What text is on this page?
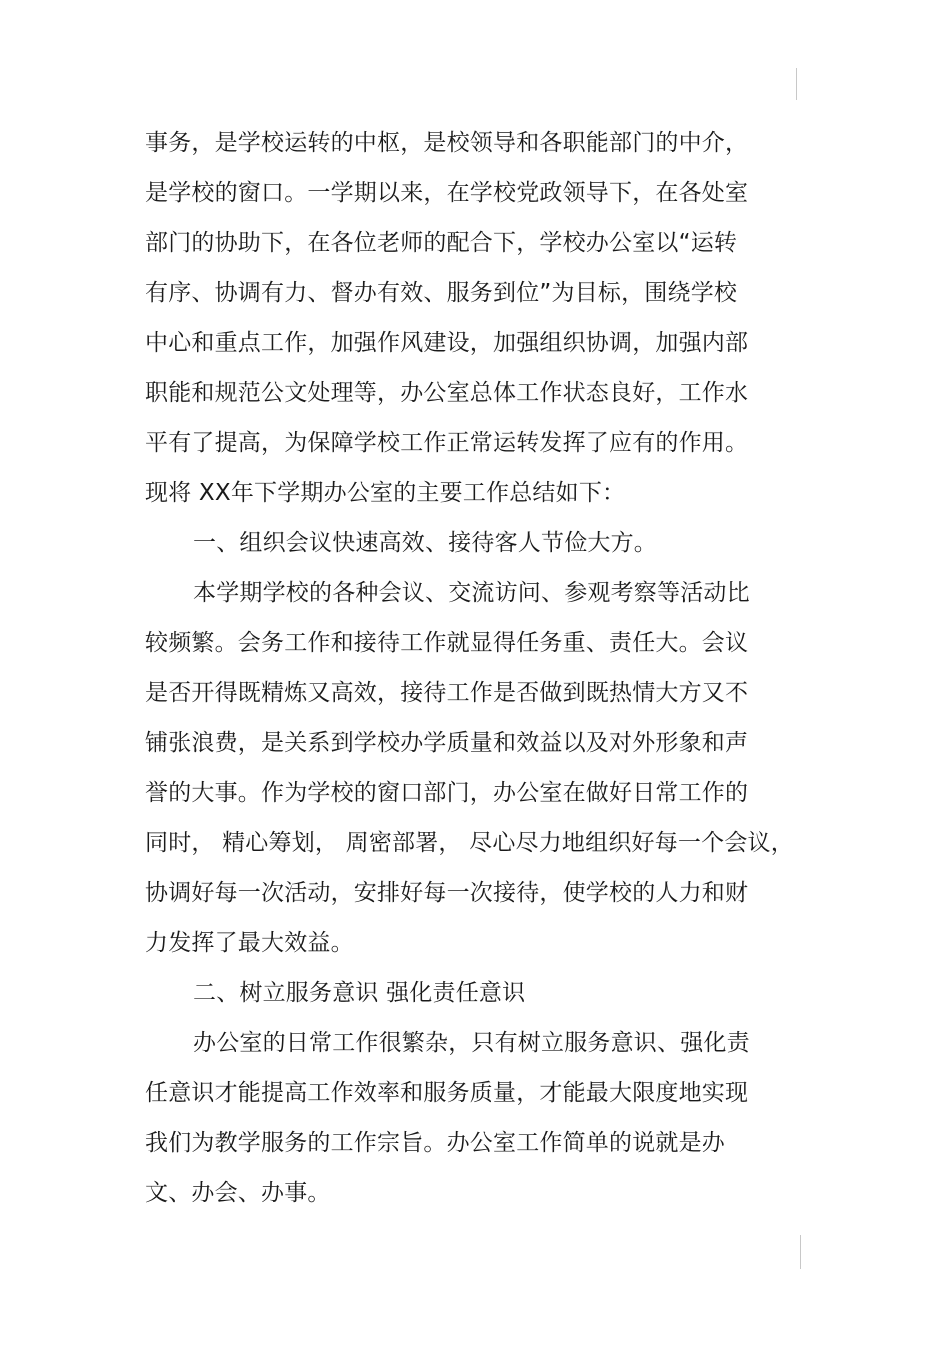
事务，是学校运转的中枢，是校领导和各职能部门的中介，
是学校的窗口。一学期以来，在学校党政领导下，在各处室
部门的协助下，在各位老师的配合下，学校办公室以“运转
有序、协调有力、督办有效、服务到位”为目标，围绕学校
中心和重点工作，加强作风建设，加强组织协调，加强内部
职能和规范公文处理等，办公室总体工作状态良好，工作水
平有了提高，为保障学校工作正常运转发挥了应有的作用。
现将 XX年下学期办公室的主要工作总结如下：
一、组织会议快速高效、接待客人节俭大方。
本学期学校的各种会议、交流访问、参观考察等活动比
较频繁。会务工作和接待工作就显得任务重、责任大。会议
是否开得既精炼又高效，接待工作是否做到既热情大方又不
铺张浪费，是关系到学校办学质量和效益以及对外形象和声
誉的大事。作为学校的窗口部门，办公室在做好日常工作的
同时， 精心筹划， 周密部署， 尽心尽力地组织好每一个会议，
协调好每一次活动，安排好每一次接待，使学校的人力和财
力发挥了最大效益。
二、树立服务意识 强化责任意识
办公室的日常工作很繁杂，只有树立服务意识、强化责
任意识才能提高工作效率和服务质量，才能最大限度地实现
我们为教学服务的工作宗旨。办公室工作简单的说就是办
文、办会、办事。
